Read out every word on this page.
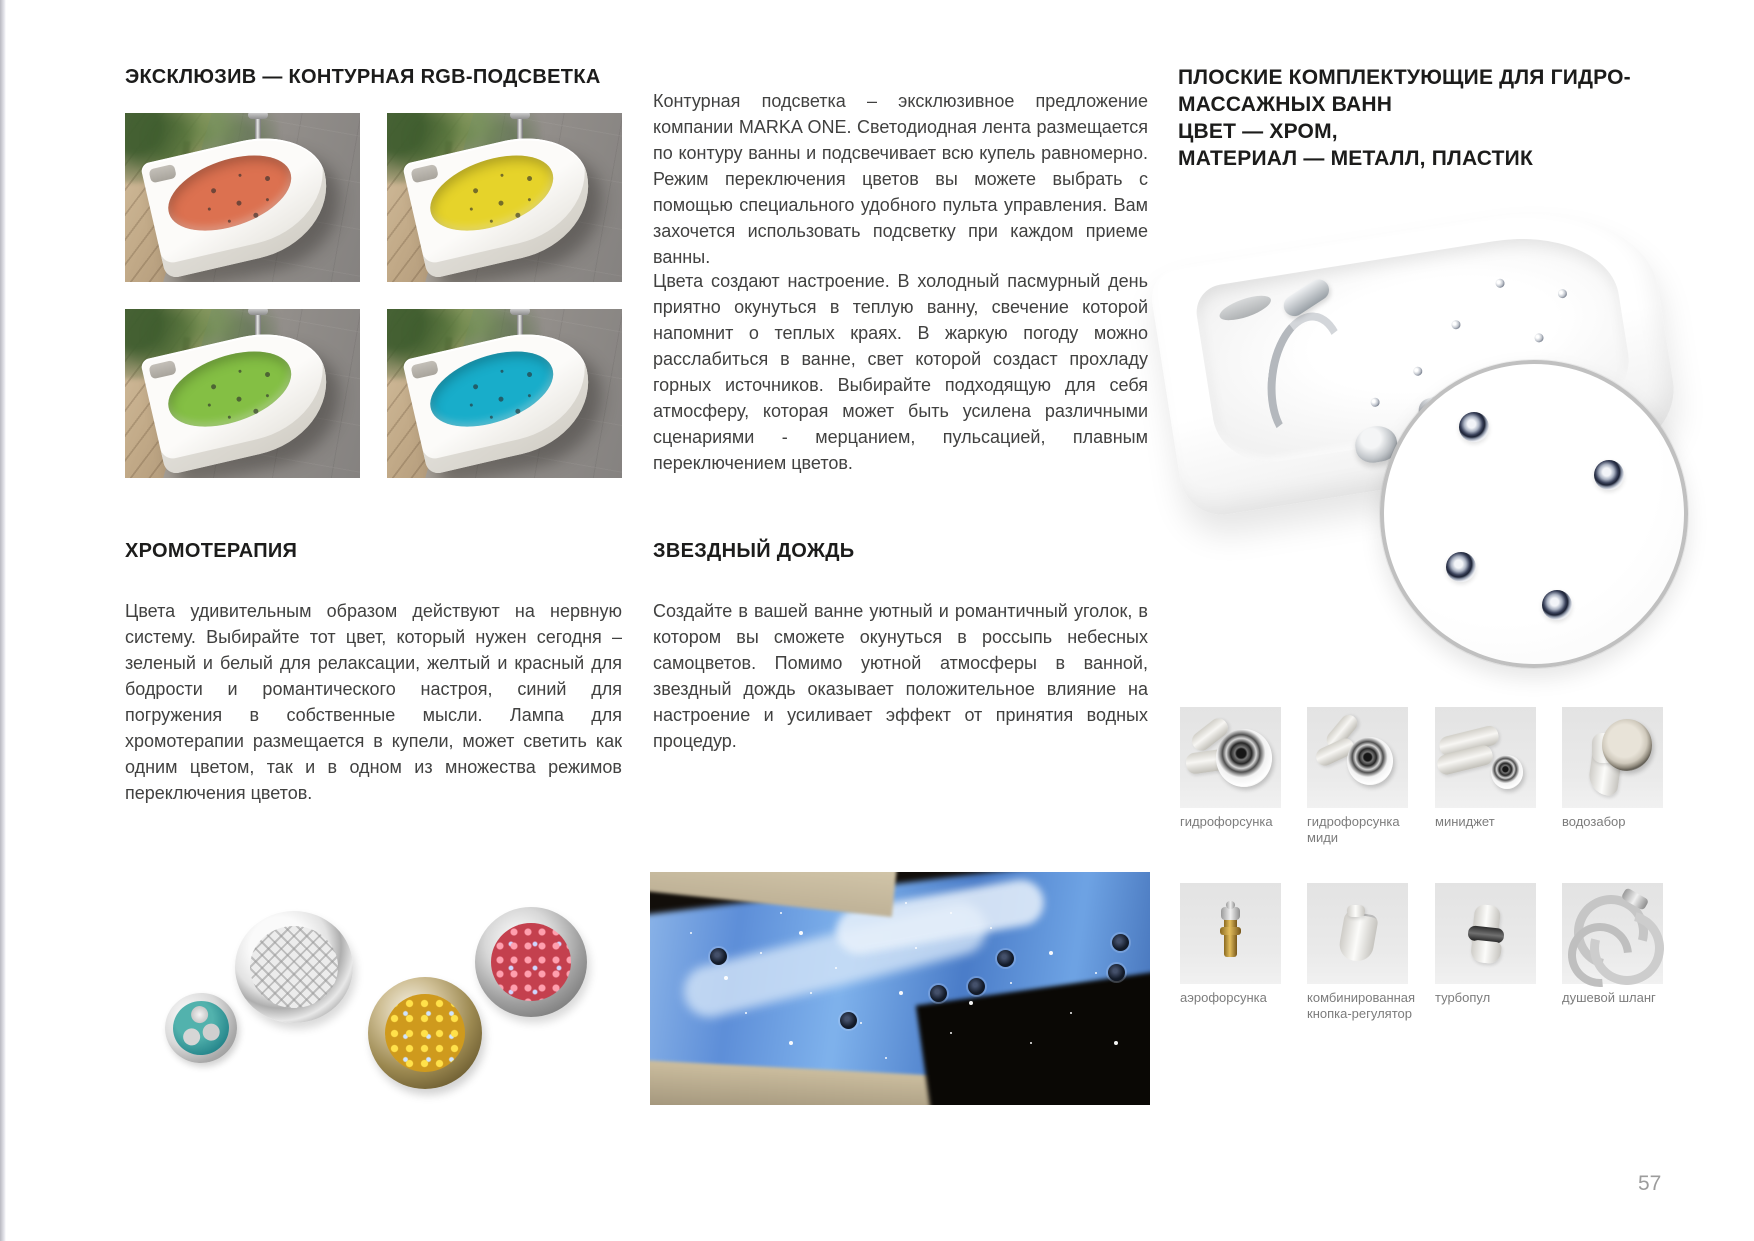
ЭКСКЛЮЗИВ — КОНТУРНАЯ RGB-ПОДСВЕТКА
Контурная подсветка – эксклюзивное предложение компании MARKA ONE. Светодиодная лента размещается по контуру ванны и подсвечивает всю купель равномерно. Режим переключения цветов вы можете выбрать с помощью специального удобного пульта управления. Вам захочется использовать подсветку при каждом приеме ванны.
Цвета создают настроение. В холодный пасмурный день приятно окунуться в теплую ванну, свечение которой напомнит о теплых краях. В жаркую погоду можно расслабиться в ванне, свет которой создаст прохладу горных источников. Выбирайте подходящую для себя атмосферу, которая может быть усилена различными сценариями - мерцанием, пульсацией, плавным переключением цветов.
ПЛОСКИЕ КОМПЛЕКТУЮЩИЕ ДЛЯ ГИДРО-
МАССАЖНЫХ ВАНН
ЦВЕТ — ХРОМ,
МАТЕРИАЛ — МЕТАЛЛ, ПЛАСТИК
ХРОМОТЕРАПИЯ
Цвета удивительным образом действуют на нервную систему. Выбирайте тот цвет, который нужен сегодня – зеленый и белый для релаксации, желтый и красный для бодрости и романтического настроя, синий для погружения в собственные мысли. Лампа для хромотерапии размещается в купели, может светить как одним цветом, так и в одном из множества режимов переключения цветов.
ЗВЕЗДНЫЙ ДОЖДЬ
Создайте в вашей ванне уютный и романтичный уголок, в котором вы сможете окунуться в россыпь небесных самоцветов. Помимо уютной атмосферы в ванной, звездный дождь оказывает положительное влияние на настроение и усиливает эффект от принятия водных процедур.
гидрофорсунка	гидрофорсунка миди
миниджет	водозабор
аэрофорсунка	комбинированная кнопка-регулятор
турбопул	душевой шланг
57
